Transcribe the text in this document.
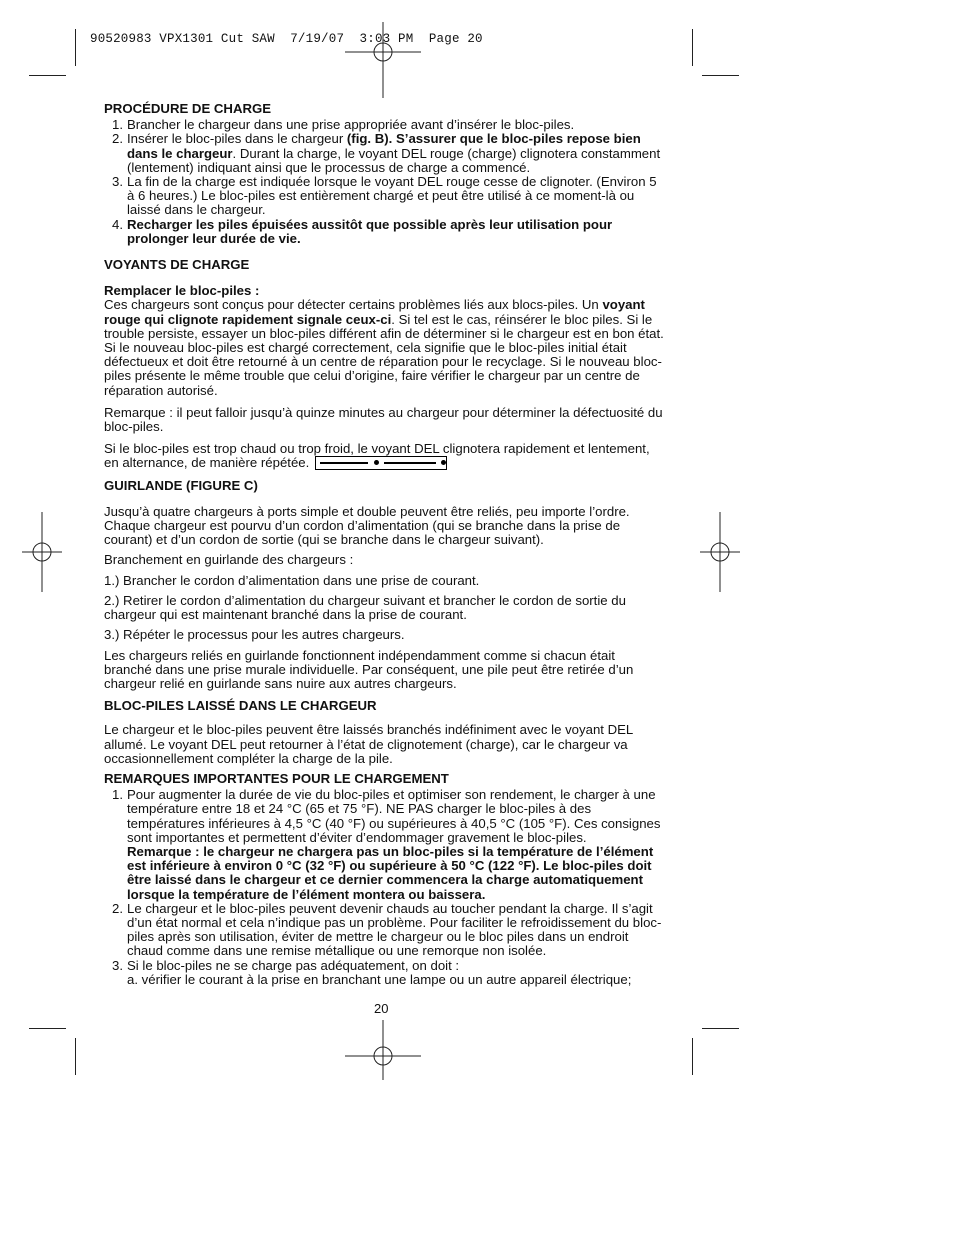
90520983 VPX1301 Cut SAW  7/19/07  3:03 PM  Page 20

PROCÉDURE DE CHARGE

1. Brancher le chargeur dans une prise appropriée avant d’insérer le bloc-piles.
2. Insérer le bloc-piles dans le chargeur (fig. B). S’assurer que le bloc-piles repose bien dans le chargeur. Durant la charge, le voyant DEL rouge (charge) clignotera constamment (lentement) indiquant ainsi que le processus de charge a commencé.
3. La fin de la charge est indiquée lorsque le voyant DEL rouge cesse de clignoter. (Environ 5 à 6 heures.) Le bloc-piles est entièrement chargé et peut être utilisé à ce moment-là ou laissé dans le chargeur.
4. Recharger les piles épuisées aussitôt que possible après leur utilisation pour prolonger leur durée de vie.

VOYANTS DE CHARGE

Remplacer le bloc-piles :

Ces chargeurs sont conçus pour détecter certains problèmes liés aux blocs-piles. Un voyant rouge qui clignote rapidement signale ceux-ci. Si tel est le cas, réinsérer le bloc piles. Si le trouble persiste, essayer un bloc-piles différent afin de déterminer si le chargeur est en bon état. Si le nouveau bloc-piles est chargé correctement, cela signifie que le bloc-piles initial était défectueux et doit être retourné à un centre de réparation pour le recyclage. Si le nouveau bloc-piles présente le même trouble que celui d’origine, faire vérifier le chargeur par un centre de réparation autorisé.

Remarque : il peut falloir jusqu’à quinze minutes au chargeur pour déterminer la défectuosité du bloc-piles.

Si le bloc-piles est trop chaud ou trop froid, le voyant DEL clignotera rapidement et lentement, en alternance, de manière répétée.

GUIRLANDE (FIGURE C)

Jusqu’à quatre chargeurs à ports simple et double peuvent être reliés, peu importe l’ordre. Chaque chargeur est pourvu d’un cordon d’alimentation (qui se branche dans la prise de courant) et d’un cordon de sortie (qui se branche dans le chargeur suivant).

Branchement en guirlande des chargeurs :

1.) Brancher le cordon d’alimentation dans une prise de courant.

2.) Retirer le cordon d’alimentation du chargeur suivant et brancher le cordon de sortie du chargeur qui est maintenant branché dans la prise de courant.

3.) Répéter le processus pour les autres chargeurs.

Les chargeurs reliés en guirlande fonctionnent indépendamment comme si chacun était branché dans une prise murale individuelle. Par conséquent, une pile peut être retirée d’un chargeur relié en guirlande sans nuire aux autres chargeurs.

BLOC-PILES LAISSÉ DANS LE CHARGEUR

Le chargeur et le bloc-piles peuvent être laissés branchés indéfiniment avec le voyant DEL allumé. Le voyant DEL peut retourner à l’état de clignotement (charge), car le chargeur va occasionnellement compléter la charge de la pile.

REMARQUES IMPORTANTES POUR LE CHARGEMENT

1. Pour augmenter la durée de vie du bloc-piles et optimiser son rendement, le charger à une température entre 18 et 24 °C (65 et 75 °F). NE PAS charger le bloc-piles à des températures inférieures à 4,5 °C (40 °F) ou supérieures à 40,5 °C (105 °F). Ces consignes sont importantes et permettent d’éviter d’endommager gravement le bloc-piles.
Remarque : le chargeur ne chargera pas un bloc-piles si la température de l’élément est inférieure à environ 0 °C (32 °F) ou supérieure à 50 °C (122 °F). Le bloc-piles doit être laissé dans le chargeur et ce dernier commencera la charge automatiquement lorsque la température de l’élément montera ou baissera.
2. Le chargeur et le bloc-piles peuvent devenir chauds au toucher pendant la charge. Il s’agit d’un état normal et cela n’indique pas un problème. Pour faciliter le refroidissement du bloc-piles après son utilisation, éviter de mettre le chargeur ou le bloc piles dans un endroit chaud comme dans une remise métallique ou une remorque non isolée.
3. Si le bloc-piles ne se charge pas adéquatement, on doit :
a. vérifier le courant à la prise en branchant une lampe ou un autre appareil électrique;
20
